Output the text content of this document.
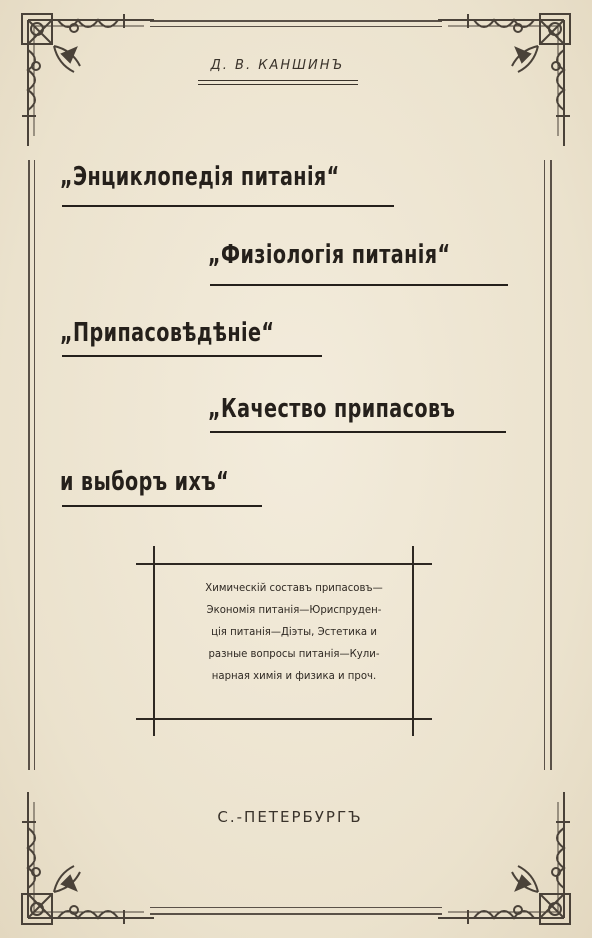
Д. В. КАНШИНЪ
„Энциклопедія питанія“
„Физіологія питанія“
„Припасовѣдѣніе“
„Качество припасовъ
и выборъ ихъ“
Химическій составъ припасовъ—
Экономія питанія—Юриспруден-
ція питанія—Діэты, Эстетика и
разные вопросы питанія—Кули-
нарная химія и физика и проч.
С.-ПЕТЕРБУРГЪ
